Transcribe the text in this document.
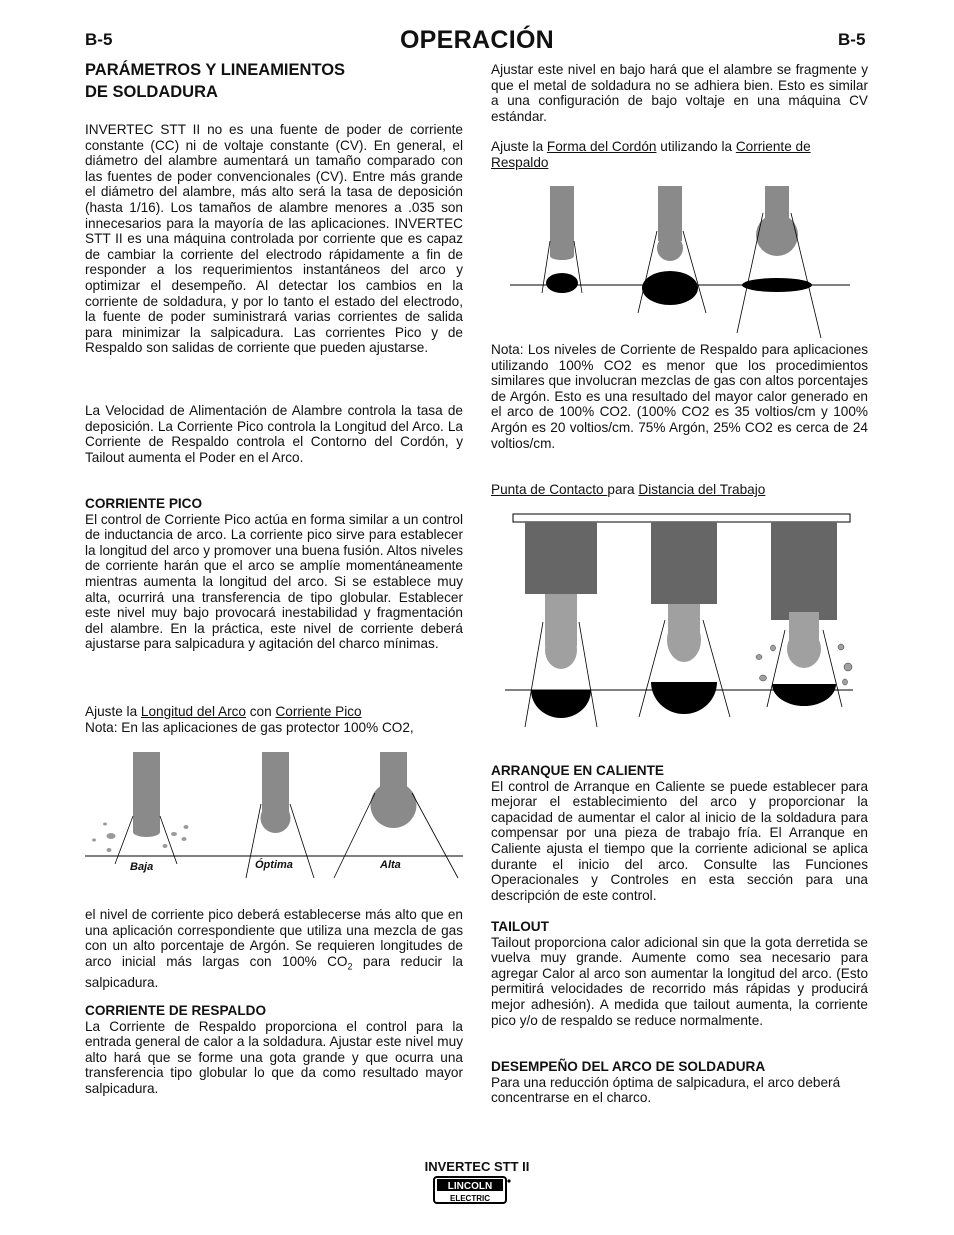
B-5	OPERACIÓN	B-5
PARÁMETROS Y LINEAMIENTOS
DE SOLDADURA

INVERTEC STT II no es una fuente de poder de corriente constante (CC) ni de voltaje constante (CV). En general, el diámetro del alambre aumentará un tamaño comparado con las fuentes de poder convencionales (CV). Entre más grande el diámetro del alambre, más alto será la tasa de deposición (hasta 1/16). Los tamaños de alambre menores a .035 son innecesarios para la mayoría de las aplicaciones. INVERTEC STT II es una máquina controlada por corriente que es capaz de cambiar la corriente del electrodo rápidamente a fin de responder a los requerimientos instantáneos del arco y optimizar el desempeño. Al detectar los cambios en la corriente de soldadura, y por lo tanto el estado del electrodo, la fuente de poder suministrará varias corrientes de salida para minimizar la salpicadura. Las corrientes Pico y de Respaldo son salidas de corriente que pueden ajustarse.

La Velocidad de Alimentación de Alambre controla la tasa de deposición. La Corriente Pico controla la Longitud del Arco. La Corriente de Respaldo controla el Contorno del Cordón, y Tailout aumenta el Poder en el Arco.

CORRIENTE PICO

El control de Corriente Pico actúa en forma similar a un control de inductancia de arco. La corriente pico sirve para establecer la longitud del arco y promover una buena fusión. Altos niveles de corriente harán que el arco se amplíe momentáneamente mientras aumenta la longitud del arco. Si se establece muy alta, ocurrirá una transferencia de tipo globular. Establecer este nivel muy bajo provocará inestabilidad y fragmentación del alambre. En la práctica, este nivel de corriente deberá ajustarse para salpicadura y agitación del charco mínimas.

Ajuste la Longitud del Arco con Corriente Pico
Nota: En las aplicaciones de gas protector 100% CO2,
Baja	Óptima	Alta

el nivel de corriente pico deberá establecerse más alto que en una aplicación correspondiente que utiliza una mezcla de gas con un alto porcentaje de Argón. Se requieren longitudes de arco inicial más largas con 100% $CO_2$ para reducir la salpicadura.

CORRIENTE DE RESPALDO

La Corriente de Respaldo proporciona el control para la entrada general de calor a la soldadura. Ajustar este nivel muy alto hará que se forme una gota grande y que ocurra una transferencia tipo globular lo que da como resultado mayor salpicadura.

Ajustar este nivel en bajo hará que el alambre se fragmente y que el metal de soldadura no se adhiera bien. Esto es similar a una configuración de bajo voltaje en una máquina CV estándar.

Ajuste la Forma del Cordón utilizando la Corriente de Respaldo

Nota: Los niveles de Corriente de Respaldo para aplicaciones utilizando 100% CO2 es menor que los procedimientos similares que involucran mezclas de gas con altos porcentajes de Argón. Esto es una resultado del mayor calor generado en el arco de 100% CO2. (100% CO2 es 35 voltios/cm y 100% Argón es 20 voltios/cm. 75% Argón, 25% CO2 es cerca de 24 voltios/cm.

Punta de Contacto para Distancia del Trabajo

ARRANQUE EN CALIENTE

El control de Arranque en Caliente se puede establecer para mejorar el establecimiento del arco y proporcionar la capacidad de aumentar el calor al inicio de la soldadura para compensar por una pieza de trabajo fría. El Arranque en Caliente ajusta el tiempo que la corriente adicional se aplica durante el inicio del arco. Consulte las Funciones Operacionales y Controles en esta sección para una descripción de este control.

TAILOUT

Tailout proporciona calor adicional sin que la gota derretida se vuelva muy grande. Aumente como sea necesario para agregar Calor al arco son aumentar la longitud del arco. (Esto permitirá velocidades de recorrido más rápidas y producirá mejor adhesión). A medida que tailout aumenta, la corriente pico y/o de respaldo se reduce normalmente.

DESEMPEÑO DEL ARCO DE SOLDADURA

Para una reducción óptima de salpicadura, el arco deberá concentrarse en el charco.

INVERTEC STT II
LINCOLN
ELECTRIC
